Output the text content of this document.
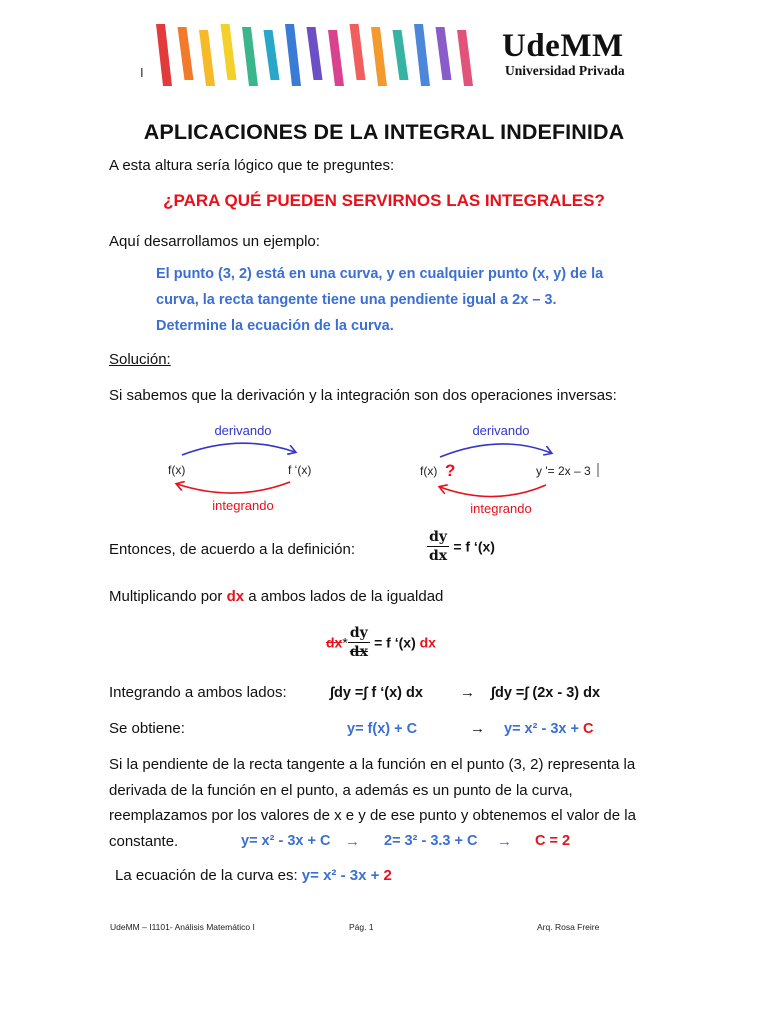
I
UdeMM
Universidad Privada
APLICACIONES DE LA INTEGRAL INDEFINIDA
A esta altura sería lógico que te preguntes:
¿PARA QUÉ PUEDEN SERVIRNOS LAS INTEGRALES?
Aquí desarrollamos un ejemplo:
El punto (3, 2) está en una curva, y en cualquier punto (x, y) de la
curva, la recta tangente tiene una pendiente igual a 2x – 3.
Determine la ecuación de la curva.
Solución:
Si sabemos que la derivación y la integración son dos operaciones inversas:
derivando
f(x)	f ‘(x)
integrando
derivando
f(x) ?	y '= 2x – 3
integrando
Entonces, de acuerdo a la definición:	$\frac{dy}{dx} = f$ ‘(x)
Multiplicando por dx a ambos lados de la igualdad
$dx* \frac{dy}{dx} = f$ ‘(x) dx
Integrando a ambos lados:	∫dy =∫ f ‘(x) dx → ∫dy =∫ (2x - 3) dx
Se obtiene:	y= f(x) + C	→ y= x² - 3x + C
Si la pendiente de la recta tangente a la función en el punto (3, 2) representa la
derivada de la función en el punto, a además es un punto de la curva,
reemplazamos por los valores de x e y de ese punto y obtenemos el valor de la
constante.	y= x² - 3x + C → 2= 3² - 3.3 + C → C = 2
La ecuación de la curva es: y= x² - 3x + 2
UdeMM – I1101- Análisis Matemático I	Pág. 1	Arq. Rosa Freire
